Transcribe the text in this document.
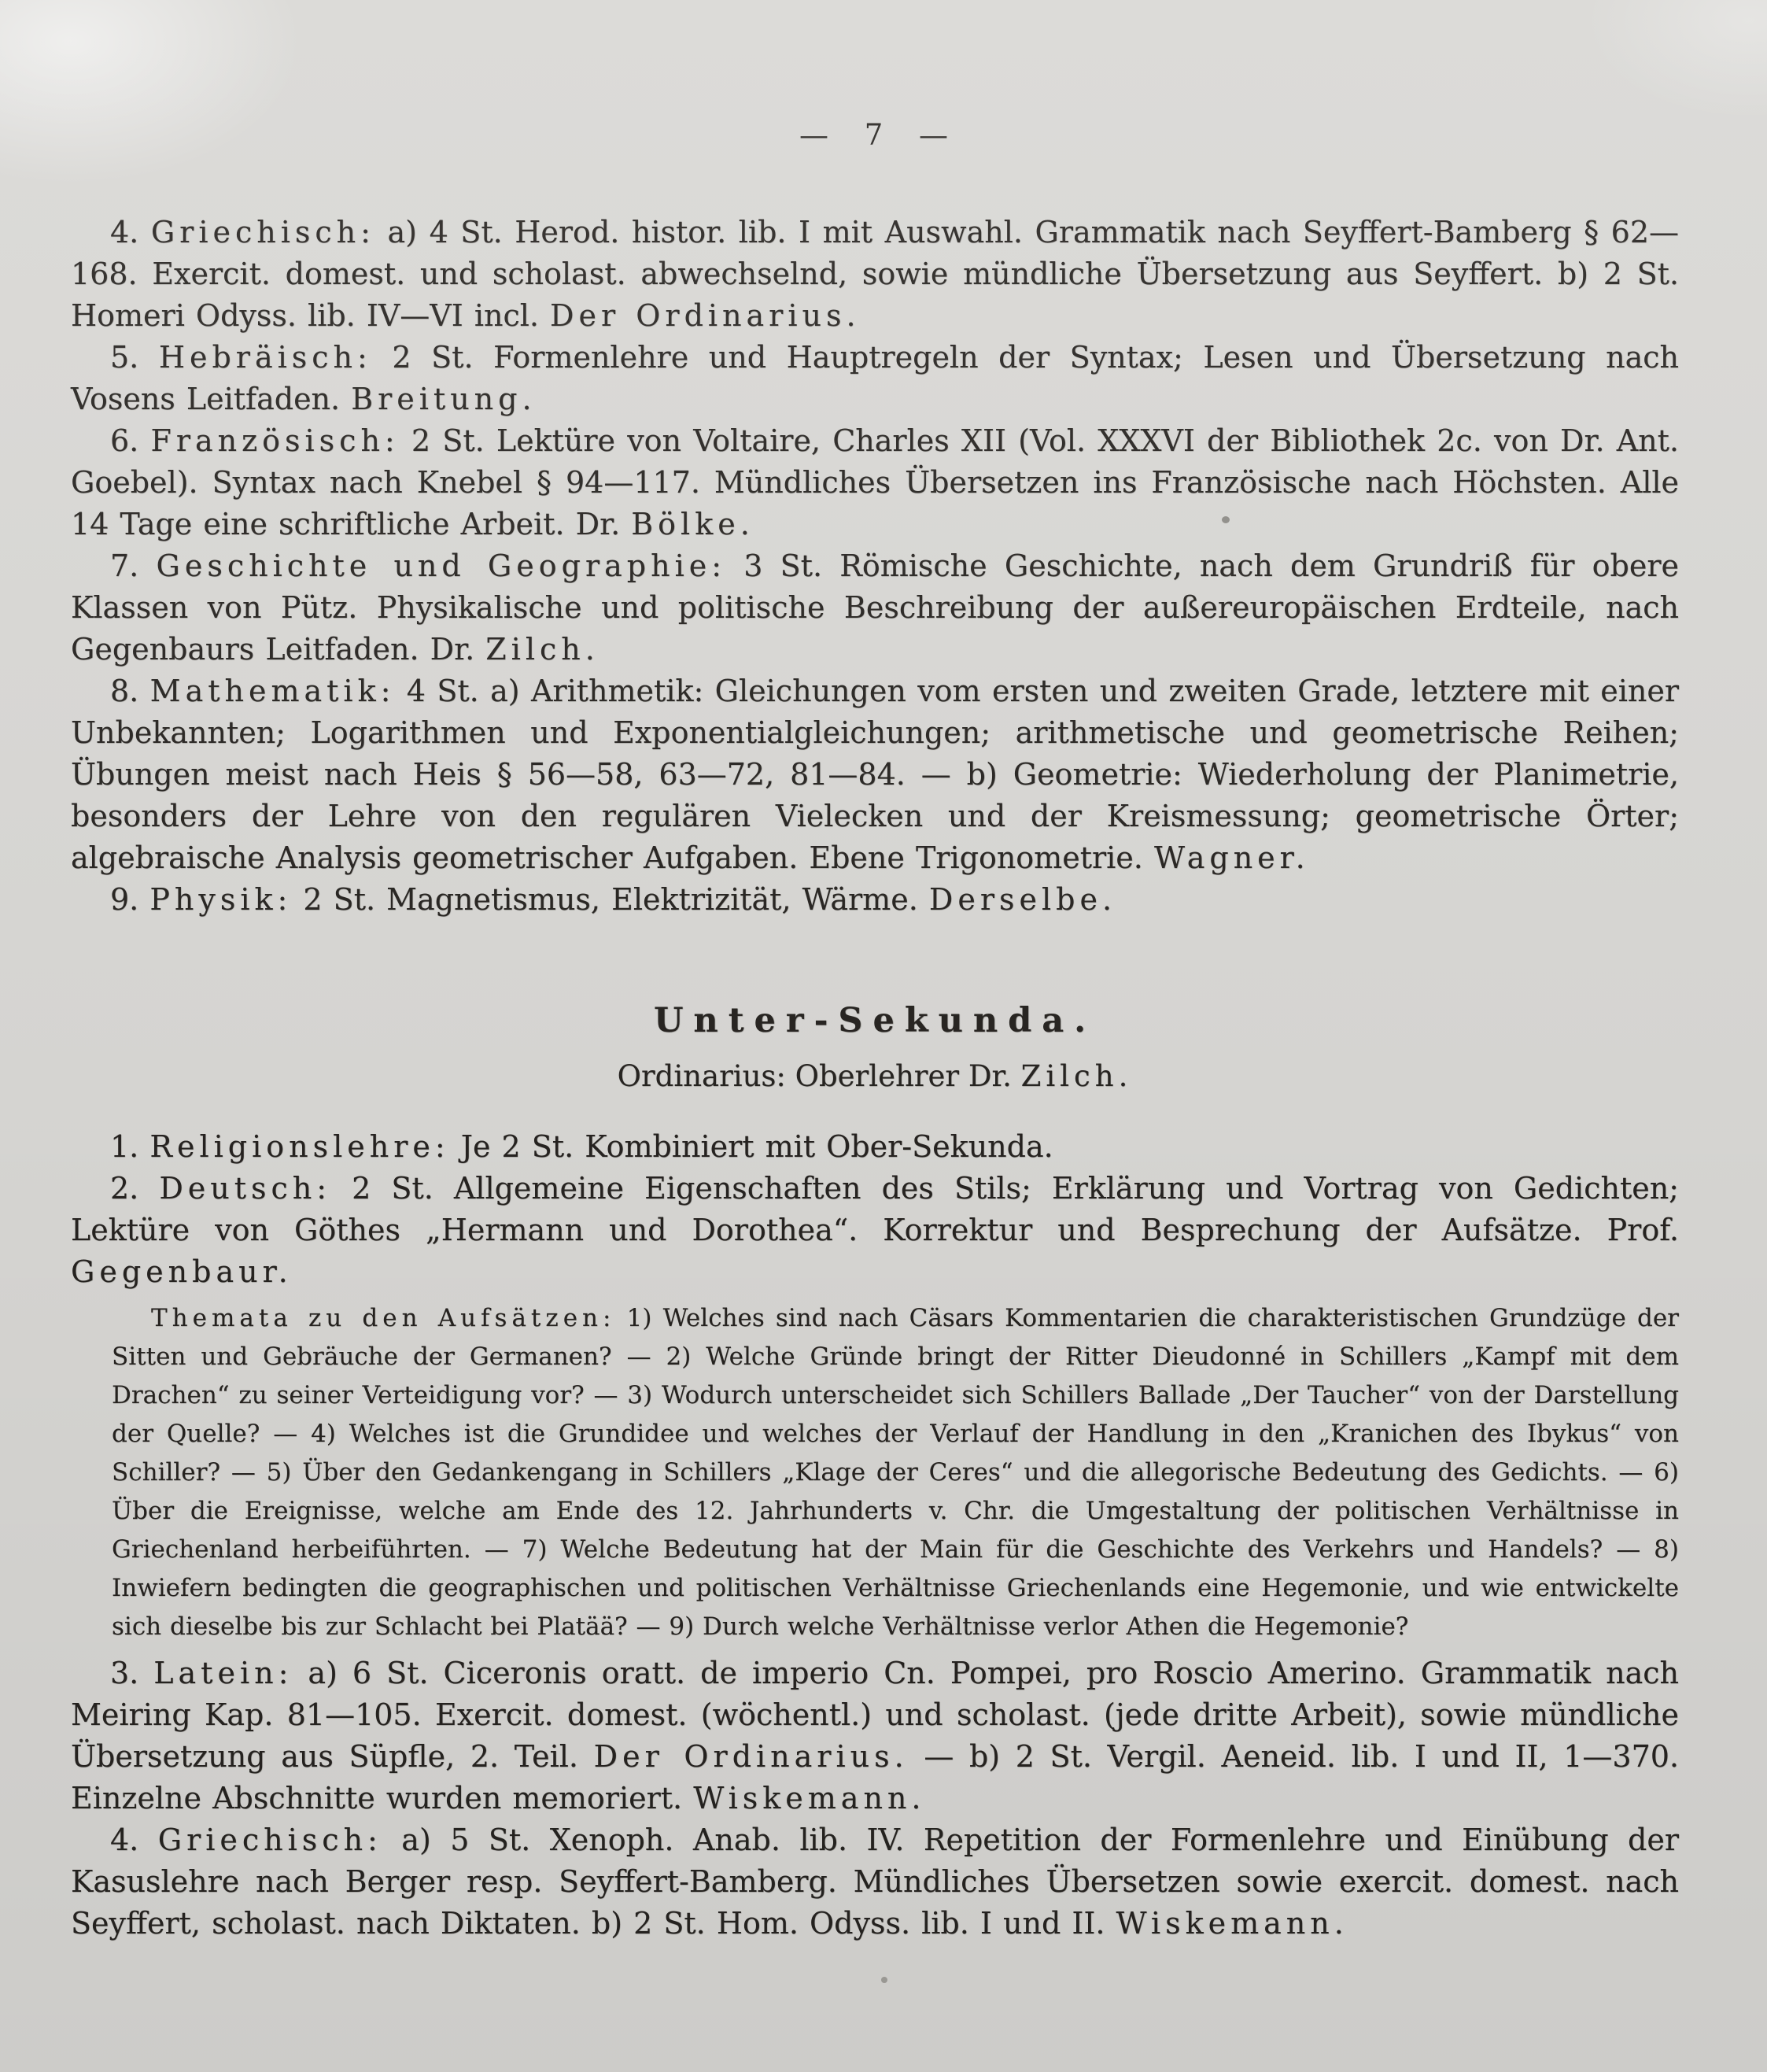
— 7 —

4. Griechisch: a) 4 St. Herod. histor. lib. I mit Auswahl. Grammatik nach Seyffert-Bamberg § 62—168. Exercit. domest. und scholast. abwechselnd, sowie mündliche Übersetzung aus Seyffert. b) 2 St. Homeri Odyss. lib. IV—VI incl. Der Ordinarius.

5. Hebräisch: 2 St. Formenlehre und Hauptregeln der Syntax; Lesen und Übersetzung nach Vosens Leitfaden. Breitung.

6. Französisch: 2 St. Lektüre von Voltaire, Charles XII (Vol. XXXVI der Bibliothek 2c. von Dr. Ant. Goebel). Syntax nach Knebel § 94—117. Mündliches Übersetzen ins Französische nach Höchsten. Alle 14 Tage eine schriftliche Arbeit. Dr. Bölke.

7. Geschichte und Geographie: 3 St. Römische Geschichte, nach dem Grundriß für obere Klassen von Pütz. Physikalische und politische Beschreibung der außereuropäischen Erdteile, nach Gegenbaurs Leitfaden. Dr. Zilch.

8. Mathematik: 4 St. a) Arithmetik: Gleichungen vom ersten und zweiten Grade, letztere mit einer Unbekannten; Logarithmen und Exponentialgleichungen; arithmetische und geometrische Reihen; Übungen meist nach Heis § 56—58, 63—72, 81—84. — b) Geometrie: Wiederholung der Planimetrie, besonders der Lehre von den regulären Vielecken und der Kreismessung; geometrische Örter; algebraische Analysis geometrischer Aufgaben. Ebene Trigonometrie. Wagner.

9. Physik: 2 St. Magnetismus, Elektrizität, Wärme. Derselbe.

Unter-Sekunda.

Ordinarius: Oberlehrer Dr. Zilch.

1. Religionslehre: Je 2 St. Kombiniert mit Ober-Sekunda.

2. Deutsch: 2 St. Allgemeine Eigenschaften des Stils; Erklärung und Vortrag von Gedichten; Lektüre von Göthes „Hermann und Dorothea“. Korrektur und Besprechung der Aufsätze. Prof. Gegenbaur.

Themata zu den Aufsätzen: 1) Welches sind nach Cäsars Kommentarien die charakteristischen Grundzüge der Sitten und Gebräuche der Germanen? — 2) Welche Gründe bringt der Ritter Dieudonné in Schillers „Kampf mit dem Drachen“ zu seiner Verteidigung vor? — 3) Wodurch unterscheidet sich Schillers Ballade „Der Taucher“ von der Darstellung der Quelle? — 4) Welches ist die Grundidee und welches der Verlauf der Handlung in den „Kranichen des Ibykus“ von Schiller? — 5) Über den Gedankengang in Schillers „Klage der Ceres“ und die allegorische Bedeutung des Gedichts. — 6) Über die Ereignisse, welche am Ende des 12. Jahrhunderts v. Chr. die Umgestaltung der politischen Verhältnisse in Griechenland herbeiführten. — 7) Welche Bedeutung hat der Main für die Geschichte des Verkehrs und Handels? — 8) Inwiefern bedingten die geographischen und politischen Verhältnisse Griechenlands eine Hegemonie, und wie entwickelte sich dieselbe bis zur Schlacht bei Platää? — 9) Durch welche Verhältnisse verlor Athen die Hegemonie?

3. Latein: a) 6 St. Ciceronis oratt. de imperio Cn. Pompei, pro Roscio Amerino. Grammatik nach Meiring Kap. 81—105. Exercit. domest. (wöchentl.) und scholast. (jede dritte Arbeit), sowie mündliche Übersetzung aus Süpfle, 2. Teil. Der Ordinarius. — b) 2 St. Vergil. Aeneid. lib. I und II, 1—370. Einzelne Abschnitte wurden memoriert. Wiskemann.

4. Griechisch: a) 5 St. Xenoph. Anab. lib. IV. Repetition der Formenlehre und Einübung der Kasuslehre nach Berger resp. Seyffert-Bamberg. Mündliches Übersetzen sowie exercit. domest. nach Seyffert, scholast. nach Diktaten. b) 2 St. Hom. Odyss. lib. I und II. Wiskemann.
